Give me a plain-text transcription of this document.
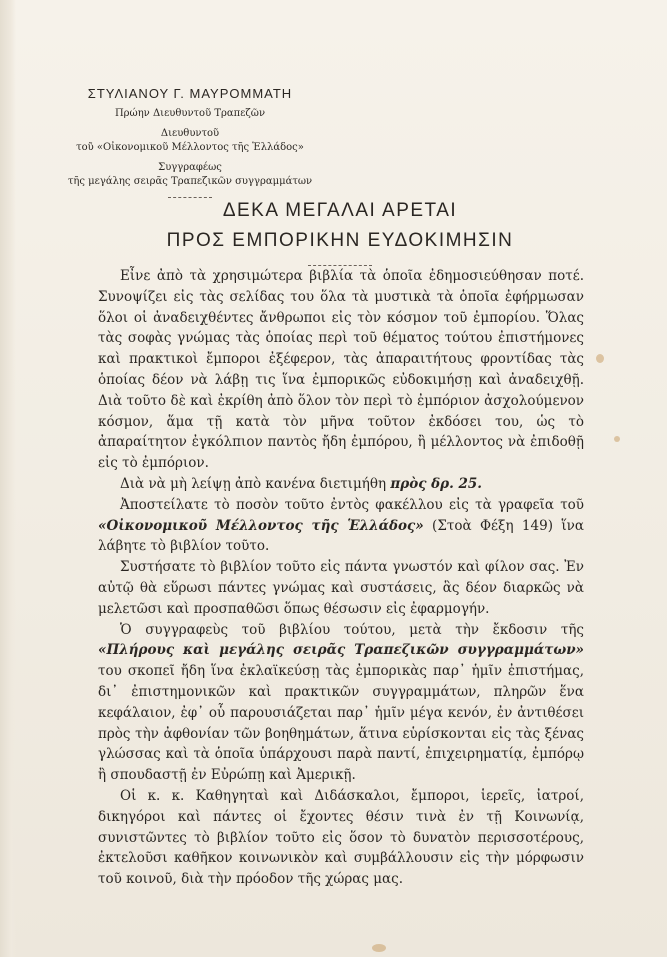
ΣΤΥΛΙΑΝΟΥ Γ. ΜΑΥΡΟΜΜΑΤΗ
Πρώην Διευθυντοῦ Τραπεζῶν
Διευθυντοῦ
τοῦ «Οἰκονομικοῦ Μέλλοντος τῆς Ἑλλάδος»
Συγγραφέως
τῆς μεγάλης σειρᾶς Τραπεζικῶν συγγραμμάτων
ΔΕΚΑ ΜΕΓΑΛΑΙ ΑΡΕΤΑΙ
ΠΡΟΣ ΕΜΠΟΡΙΚΗΝ ΕΥΔΟΚΙΜΗΣΙΝ

Εἶνε ἀπὸ τὰ χρησιμώτερα βιβλία τὰ ὁποῖα ἐδημοσιεύθησαν ποτέ. Συνοψίζει εἰς τὰς σελίδας του ὅλα τὰ μυστικὰ τὰ ὁποῖα ἐφήρμωσαν ὅλοι οἱ ἀναδειχθέντες ἄνθρωποι εἰς τὸν κόσμον τοῦ ἐμπορίου. Ὅλας τὰς σοφὰς γνώμας τὰς ὁποίας περὶ τοῦ θέματος τούτου ἐπιστήμονες καὶ πρακτικοὶ ἔμποροι ἐξέφερον, τὰς ἀπαραιτήτους φροντίδας τὰς ὁποίας δέον νὰ λάβῃ τις ἵνα ἐμπορικῶς εὐδοκιμήσῃ καὶ ἀναδειχθῇ. Διὰ τοῦτο δὲ καὶ ἐκρίθη ἀπὸ ὅλον τὸν περὶ τὸ ἐμπόριον ἀσχολούμενον κόσμον, ἅμα τῇ κατὰ τὸν μῆνα τοῦτον ἐκδόσει του, ὡς τὸ ἀπαραίτητον ἐγκόλπιον παντὸς ἤδη ἐμπόρου, ἢ μέλλοντος νὰ ἐπιδοθῇ εἰς τὸ ἐμπόριον.

Διὰ νὰ μὴ λείψῃ ἀπὸ κανένα διετιμήθη πρὸς δρ. 25.

Ἀποστείλατε τὸ ποσὸν τοῦτο ἐντὸς φακέλλου εἰς τὰ γραφεῖα τοῦ «Οἰκονομικοῦ Μέλλοντος τῆς Ἑλλάδος» (Στοὰ Φέξη 149) ἵνα λάβητε τὸ βιβλίον τοῦτο.

Συστήσατε τὸ βιβλίον τοῦτο εἰς πάντα γνωστόν καὶ φίλον σας. Ἐν αὐτῷ θὰ εὕρωσι πάντες γνώμας καὶ συστάσεις, ἃς δέον διαρκῶς νὰ μελετῶσι καὶ προσπαθῶσι ὅπως θέσωσιν εἰς ἐφαρμογήν.

Ὁ συγγραφεὺς τοῦ βιβλίου τούτου, μετὰ τὴν ἔκδοσιν τῆς «Πλήρους καὶ μεγάλης σειρᾶς Τραπεζικῶν συγγραμμάτων» του σκοπεῖ ἤδη ἵνα ἐκλαϊκεύσῃ τὰς ἐμπορικὰς παρ᾽ ἡμῖν ἐπιστήμας, δι᾽ ἐπιστημονικῶν καὶ πρακτικῶν συγγραμμάτων, πληρῶν ἕνα κεφάλαιον, ἐφ᾽ οὗ παρουσιάζεται παρ᾽ ἡμῖν μέγα κενόν, ἐν ἀντιθέσει πρὸς τὴν ἀφθονίαν τῶν βοηθημάτων, ἅτινα εὑρίσκονται εἰς τὰς ξένας γλώσσας καὶ τὰ ὁποῖα ὑπάρχουσι παρὰ παντί, ἐπιχειρηματίᾳ, ἐμπόρῳ ἢ σπουδαστῇ ἐν Εὐρώπῃ καὶ Ἀμερικῇ.

Οἱ κ. κ. Καθηγηταὶ καὶ Διδάσκαλοι, ἔμποροι, ἱερεῖς, ἰατροί, δικηγόροι καὶ πάντες οἱ ἔχοντες θέσιν τινὰ ἐν τῇ Κοινωνίᾳ, συνιστῶντες τὸ βιβλίον τοῦτο εἰς ὅσον τὸ δυνατὸν περισσοτέρους, ἐκτελοῦσι καθῆκον κοινωνικὸν καὶ συμβάλλουσιν εἰς τὴν μόρφωσιν τοῦ κοινοῦ, διὰ τὴν πρόοδον τῆς χώρας μας.
